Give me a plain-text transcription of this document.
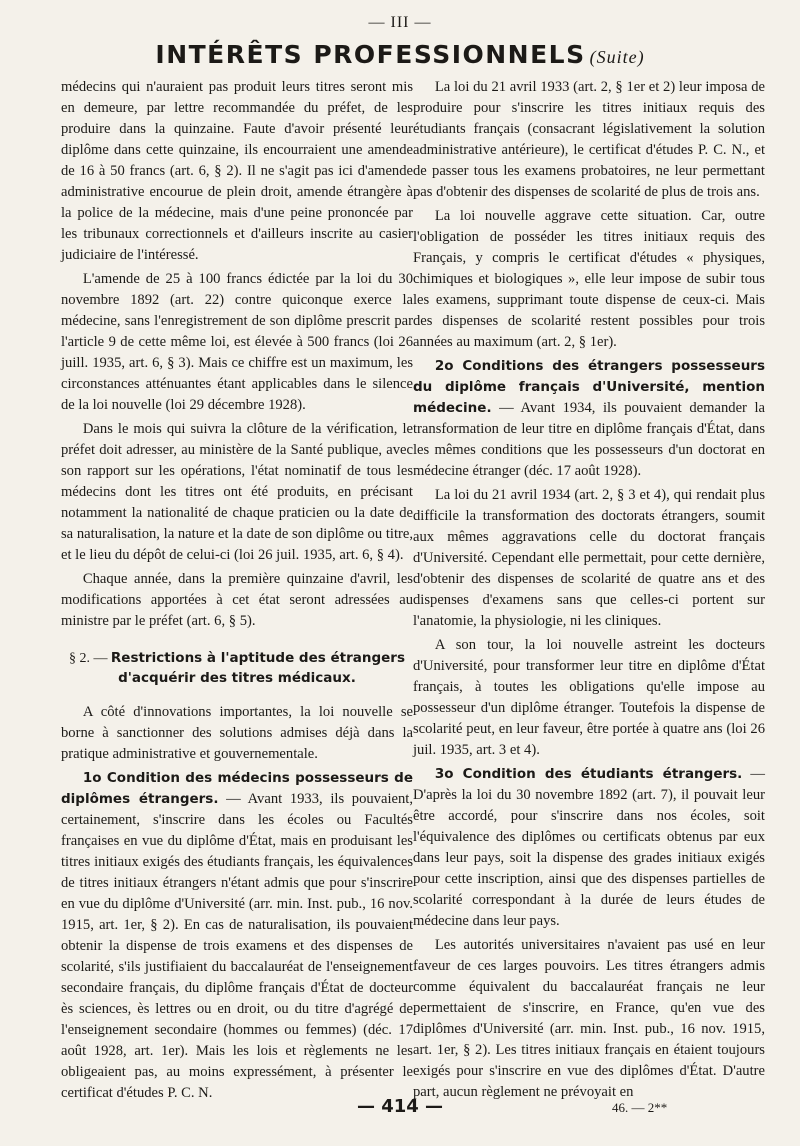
— III —
INTÉRÊTS PROFESSIONNELS (Suite)

médecins qui n'auraient pas produit leurs titres seront mis en demeure, par lettre recommandée du préfet, de les produire dans la quinzaine. Faute d'avoir présenté leur diplôme dans cette quinzaine, ils encourraient une amende de 16 à 50 francs (art. 6, § 2). Il ne s'agit pas ici d'amende administrative encourue de plein droit, amende étrangère à la police de la médecine, mais d'une peine prononcée par les tribunaux correctionnels et d'ailleurs inscrite au casier judiciaire de l'intéressé.

L'amende de 25 à 100 francs édictée par la loi du 30 novembre 1892 (art. 22) contre quiconque exerce la médecine, sans l'enregistrement de son diplôme prescrit par l'article 9 de cette même loi, est élevée à 500 francs (loi 26 juill. 1935, art. 6, § 3). Mais ce chiffre est un maximum, les circonstances atténuantes étant applicables dans le silence de la loi nouvelle (loi 29 décembre 1928).

Dans le mois qui suivra la clôture de la vérification, le préfet doit adresser, au ministère de la Santé publique, avec son rapport sur les opérations, l'état nominatif de tous les médecins dont les titres ont été produits, en précisant notamment la nationalité de chaque praticien ou la date de sa naturalisation, la nature et la date de son diplôme ou titre, et le lieu du dépôt de celui-ci (loi 26 juil. 1935, art. 6, § 4).

Chaque année, dans la première quinzaine d'avril, les modifications apportées à cet état seront adressées au ministre par le préfet (art. 6, § 5).

§ 2. — Restrictions à l'aptitude des étrangers d'acquérir des titres médicaux.

A côté d'innovations importantes, la loi nouvelle se borne à sanctionner des solutions admises déjà dans la pratique administrative et gouvernementale.

1o Condition des médecins possesseurs de diplômes étrangers. — Avant 1933, ils pouvaient, certainement, s'inscrire dans les écoles ou Facultés françaises en vue du diplôme d'État, mais en produisant les titres initiaux exigés des étudiants français, les équivalences de titres initiaux étrangers n'étant admis que pour s'inscrire en vue du diplôme d'Université (arr. min. Inst. pub., 16 nov. 1915, art. 1er, § 2). En cas de naturalisation, ils pouvaient obtenir la dispense de trois examens et des dispenses de scolarité, s'ils justifiaient du baccalauréat de l'enseignement secondaire français, du diplôme français d'État de docteur ès sciences, ès lettres ou en droit, ou du titre d'agrégé de l'enseignement secondaire (hommes ou femmes) (déc. 17 août 1928, art. 1er). Mais les lois et règlements ne les obligeaient pas, au moins expressément, à présenter le certificat d'études P. C. N.

La loi du 21 avril 1933 (art. 2, § 1er et 2) leur imposa de produire pour s'inscrire les titres initiaux requis des étudiants français (consacrant législativement la solution administrative antérieure), le certificat d'études P. C. N., et de passer tous les examens probatoires, ne leur permettant pas d'obtenir des dispenses de scolarité de plus de trois ans.

La loi nouvelle aggrave cette situation. Car, outre l'obligation de posséder les titres initiaux requis des Français, y compris le certificat d'études « physiques, chimiques et biologiques », elle leur impose de subir tous les examens, supprimant toute dispense de ceux-ci. Mais des dispenses de scolarité restent possibles pour trois années au maximum (art. 2, § 1er).

2o Conditions des étrangers possesseurs du diplôme français d'Université, mention médecine. — Avant 1934, ils pouvaient demander la transformation de leur titre en diplôme français d'État, dans les mêmes conditions que les possesseurs d'un doctorat en médecine étranger (déc. 17 août 1928).

La loi du 21 avril 1934 (art. 2, § 3 et 4), qui rendait plus difficile la transformation des doctorats étrangers, soumit aux mêmes aggravations celle du doctorat français d'Université. Cependant elle permettait, pour cette dernière, d'obtenir des dispenses de scolarité de quatre ans et des dispenses d'examens sans que celles-ci portent sur l'anatomie, la physiologie, ni les cliniques.

A son tour, la loi nouvelle astreint les docteurs d'Université, pour transformer leur titre en diplôme d'État français, à toutes les obligations qu'elle impose au possesseur d'un diplôme étranger. Toutefois la dispense de scolarité peut, en leur faveur, être portée à quatre ans (loi 26 juil. 1935, art. 3 et 4).

3o Condition des étudiants étrangers. — D'après la loi du 30 novembre 1892 (art. 7), il pouvait leur être accordé, pour s'inscrire dans nos écoles, soit l'équivalence des diplômes ou certificats obtenus par eux dans leur pays, soit la dispense des grades initiaux exigés pour cette inscription, ainsi que des dispenses partielles de scolarité correspondant à la durée de leurs études de médecine dans leur pays.

Les autorités universitaires n'avaient pas usé en leur faveur de ces larges pouvoirs. Les titres étrangers admis comme équivalent du baccalauréat français ne leur permettaient de s'inscrire, en France, qu'en vue des diplômes d'Université (arr. min. Inst. pub., 16 nov. 1915, art. 1er, § 2). Les titres initiaux français en étaient toujours exigés pour s'inscrire en vue des diplômes d'État. D'autre part, aucun règlement ne prévoyait en

— 414 —	46. — 2**
